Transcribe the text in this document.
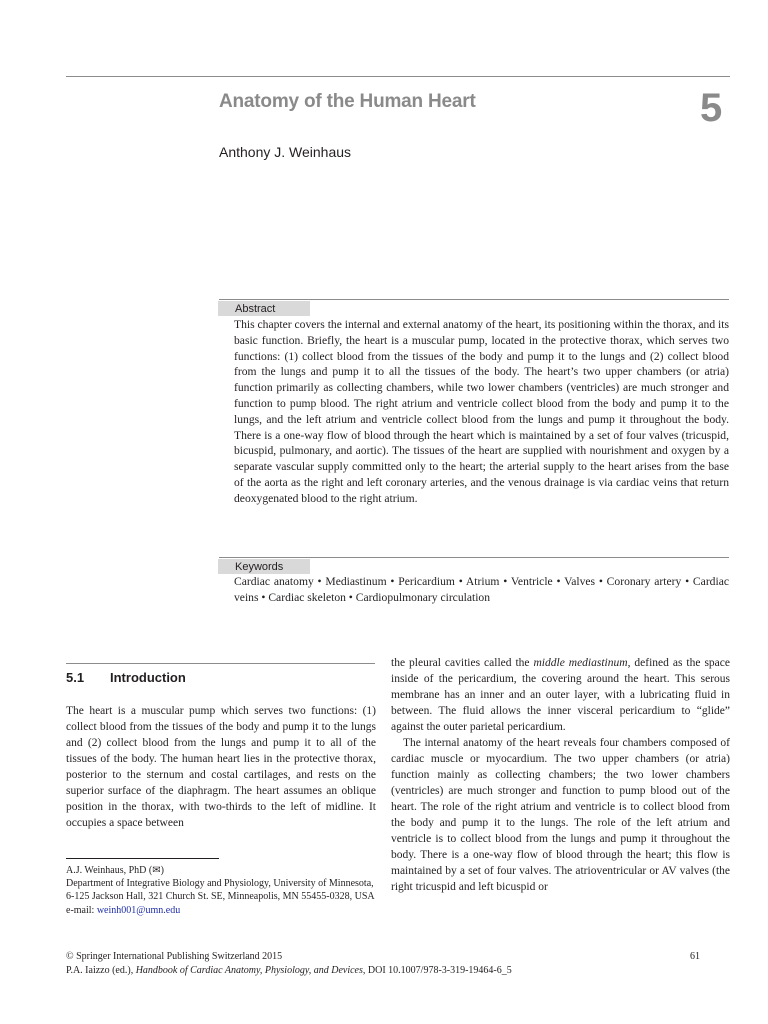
Anatomy of the Human Heart	5
Anthony J. Weinhaus
Abstract
This chapter covers the internal and external anatomy of the heart, its positioning within the thorax, and its basic function. Briefly, the heart is a muscular pump, located in the protective thorax, which serves two functions: (1) collect blood from the tissues of the body and pump it to the lungs and (2) collect blood from the lungs and pump it to all the tissues of the body. The heart’s two upper chambers (or atria) function primarily as collecting chambers, while two lower chambers (ventricles) are much stronger and function to pump blood. The right atrium and ventricle collect blood from the body and pump it to the lungs, and the left atrium and ventricle collect blood from the lungs and pump it throughout the body. There is a one-way flow of blood through the heart which is maintained by a set of four valves (tricuspid, bicuspid, pulmonary, and aortic). The tissues of the heart are supplied with nourishment and oxygen by a separate vascular supply committed only to the heart; the arterial supply to the heart arises from the base of the aorta as the right and left coronary arteries, and the venous drainage is via cardiac veins that return deoxygenated blood to the right atrium.
Keywords
Cardiac anatomy • Mediastinum • Pericardium • Atrium • Ventricle • Valves • Coronary artery • Cardiac veins • Cardiac skeleton • Cardiopulmonary circulation
5.1 Introduction
The heart is a muscular pump which serves two functions: (1) collect blood from the tissues of the body and pump it to the lungs and (2) collect blood from the lungs and pump it to all of the tissues of the body. The human heart lies in the protective thorax, posterior to the sternum and costal cartilages, and rests on the superior surface of the diaphragm. The heart assumes an oblique position in the thorax, with two-thirds to the left of midline. It occupies a space between

the pleural cavities called the middle mediastinum, defined as the space inside of the pericardium, the covering around the heart. This serous membrane has an inner and an outer layer, with a lubricating fluid in between. The fluid allows the inner visceral pericardium to “glide” against the outer parietal pericardium.

The internal anatomy of the heart reveals four chambers composed of cardiac muscle or myocardium. The two upper chambers (or atria) function mainly as collecting chambers; the two lower chambers (ventricles) are much stronger and function to pump blood out of the heart. The role of the right atrium and ventricle is to collect blood from the body and pump it to the lungs. The role of the left atrium and ventricle is to collect blood from the lungs and pump it throughout the body. There is a one-way flow of blood through the heart; this flow is maintained by a set of four valves. The atrioventricular or AV valves (the right tricuspid and left bicuspid or

A.J. Weinhaus, PhD (✉)
Department of Integrative Biology and Physiology, University of Minnesota, 6-125 Jackson Hall, 321 Church St. SE, Minneapolis, MN 55455-0328, USA
e-mail: weinh001@umn.edu
© Springer International Publishing Switzerland 2015
P.A. Iaizzo (ed.), Handbook of Cardiac Anatomy, Physiology, and Devices, DOI 10.1007/978-3-319-19464-6_5
61
